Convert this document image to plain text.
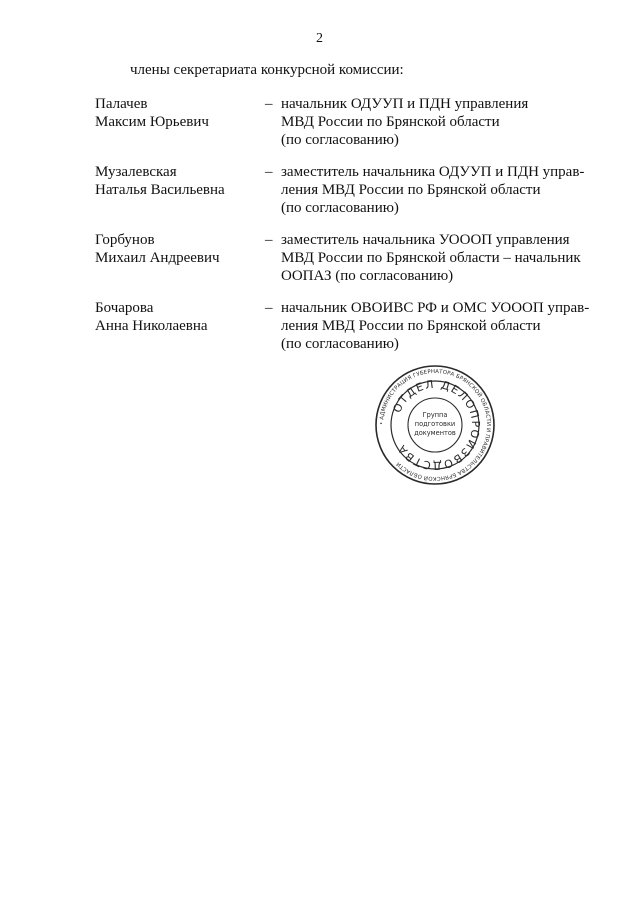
2
члены секретариата конкурсной комиссии:
Палачев
Максим Юрьевич
– начальник ОДУУП и ПДН управления
МВД России по Брянской области
(по согласованию)
Музалевская
Наталья Васильевна
– заместитель начальника ОДУУП и ПДН управ-
ления МВД России по Брянской области
(по согласованию)
Горбунов
Михаил Андреевич
– заместитель начальника УОООП управления
МВД России по Брянской области – начальник
ООПАЗ (по согласованию)
Бочарова
Анна Николаевна
– начальник ОВОИВС РФ и ОМС УОООП управ-
ления МВД России по Брянской области
(по согласованию)
• АДМИНИСТРАЦИЯ ГУБЕРНАТОРА БРЯНСКОЙ ОБЛАСТИ И ПРАВИТЕЛЬСТВА БРЯНСКОЙ ОБЛАСТИ
ОТДЕЛ ДЕЛОПРОИЗВОДСТВА
Группа
подготовки
документов
